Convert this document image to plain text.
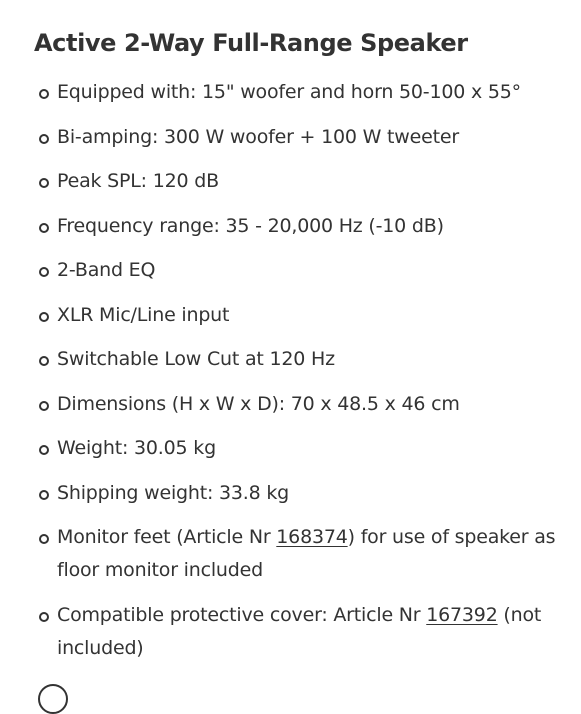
Active 2-Way Full-Range Speaker
Equipped with: 15" woofer and horn 50-100 x 55°
Bi-amping: 300 W woofer + 100 W tweeter
Peak SPL: 120 dB
Frequency range: 35 - 20,000 Hz (-10 dB)
2-Band EQ
XLR Mic/Line input
Switchable Low Cut at 120 Hz
Dimensions (H x W x D): 70 x 48.5 x 46 cm
Weight: 30.05 kg
Shipping weight: 33.8 kg
Monitor feet (Article Nr 168374) for use of speaker as floor monitor included
Compatible protective cover: Article Nr 167392 (not included)
